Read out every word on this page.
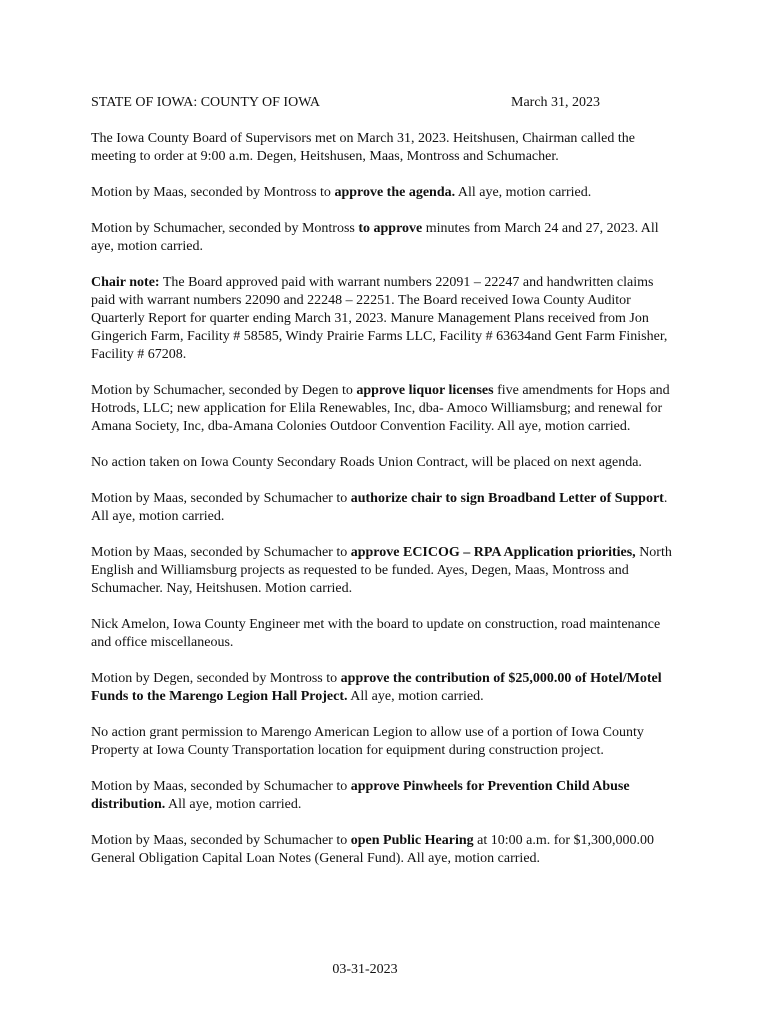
STATE OF IOWA: COUNTY OF IOWA	March 31, 2023

The Iowa County Board of Supervisors met on March 31, 2023. Heitshusen, Chairman called the meeting to order at 9:00 a.m. Degen, Heitshusen, Maas, Montross and Schumacher.

Motion by Maas, seconded by Montross to approve the agenda. All aye, motion carried.

Motion by Schumacher, seconded by Montross to approve minutes from March 24 and 27, 2023. All aye, motion carried.

Chair note: The Board approved paid with warrant numbers 22091 – 22247 and handwritten claims paid with warrant numbers 22090 and 22248 – 22251. The Board received Iowa County Auditor Quarterly Report for quarter ending March 31, 2023. Manure Management Plans received from Jon Gingerich Farm, Facility # 58585, Windy Prairie Farms LLC, Facility # 63634and Gent Farm Finisher, Facility # 67208.

Motion by Schumacher, seconded by Degen to approve liquor licenses five amendments for Hops and Hotrods, LLC; new application for Elila Renewables, Inc, dba- Amoco Williamsburg; and renewal for Amana Society, Inc, dba-Amana Colonies Outdoor Convention Facility. All aye, motion carried.

No action taken on Iowa County Secondary Roads Union Contract, will be placed on next agenda.

Motion by Maas, seconded by Schumacher to authorize chair to sign Broadband Letter of Support. All aye, motion carried.

Motion by Maas, seconded by Schumacher to approve ECICOG – RPA Application priorities, North English and Williamsburg projects as requested to be funded. Ayes, Degen, Maas, Montross and Schumacher. Nay, Heitshusen. Motion carried.

Nick Amelon, Iowa County Engineer met with the board to update on construction, road maintenance and office miscellaneous.

Motion by Degen, seconded by Montross to approve the contribution of $25,000.00 of Hotel/Motel Funds to the Marengo Legion Hall Project. All aye, motion carried.

No action grant permission to Marengo American Legion to allow use of a portion of Iowa County Property at Iowa County Transportation location for equipment during construction project.

Motion by Maas, seconded by Schumacher to approve Pinwheels for Prevention Child Abuse distribution. All aye, motion carried.

Motion by Maas, seconded by Schumacher to open Public Hearing at 10:00 a.m. for $1,300,000.00 General Obligation Capital Loan Notes (General Fund). All aye, motion carried.

03-31-2023
